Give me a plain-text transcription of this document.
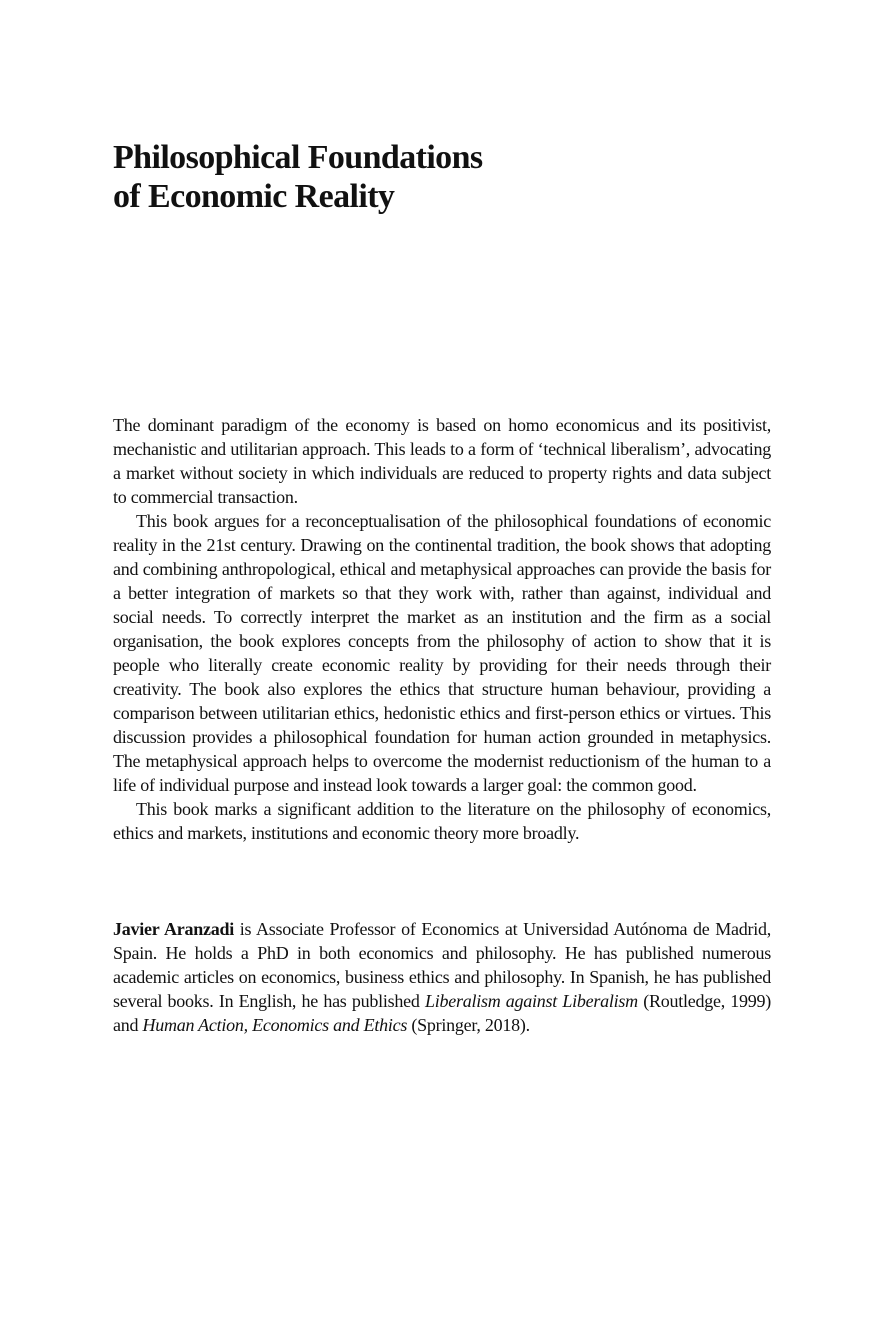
Philosophical Foundations
of Economic Reality

The dominant paradigm of the economy is based on homo economicus and its positivist, mechanistic and utilitarian approach. This leads to a form of ‘technical liberalism’, advocating a market without society in which individuals are reduced to property rights and data subject to commercial transaction.

This book argues for a reconceptualisation of the philosophical foundations of economic reality in the 21st century. Drawing on the continental tradition, the book shows that adopting and combining anthropological, ethical and metaphysical approaches can provide the basis for a better integration of markets so that they work with, rather than against, individual and social needs. To correctly interpret the market as an institution and the firm as a social organisation, the book explores concepts from the philosophy of action to show that it is people who literally create economic reality by providing for their needs through their creativity. The book also explores the ethics that structure human behaviour, providing a comparison between utilitarian ethics, hedonistic ethics and first-person ethics or virtues. This discussion provides a philosophical foundation for human action grounded in metaphysics. The metaphysical approach helps to overcome the modernist reductionism of the human to a life of individual purpose and instead look towards a larger goal: the common good.

This book marks a significant addition to the literature on the philosophy of economics, ethics and markets, institutions and economic theory more broadly.

Javier Aranzadi is Associate Professor of Economics at Universidad Autónoma de Madrid, Spain. He holds a PhD in both economics and philosophy. He has published numerous academic articles on economics, business ethics and philosophy. In Spanish, he has published several books. In English, he has published Liberalism against Liberalism (Routledge, 1999) and Human Action, Economics and Ethics (Springer, 2018).
